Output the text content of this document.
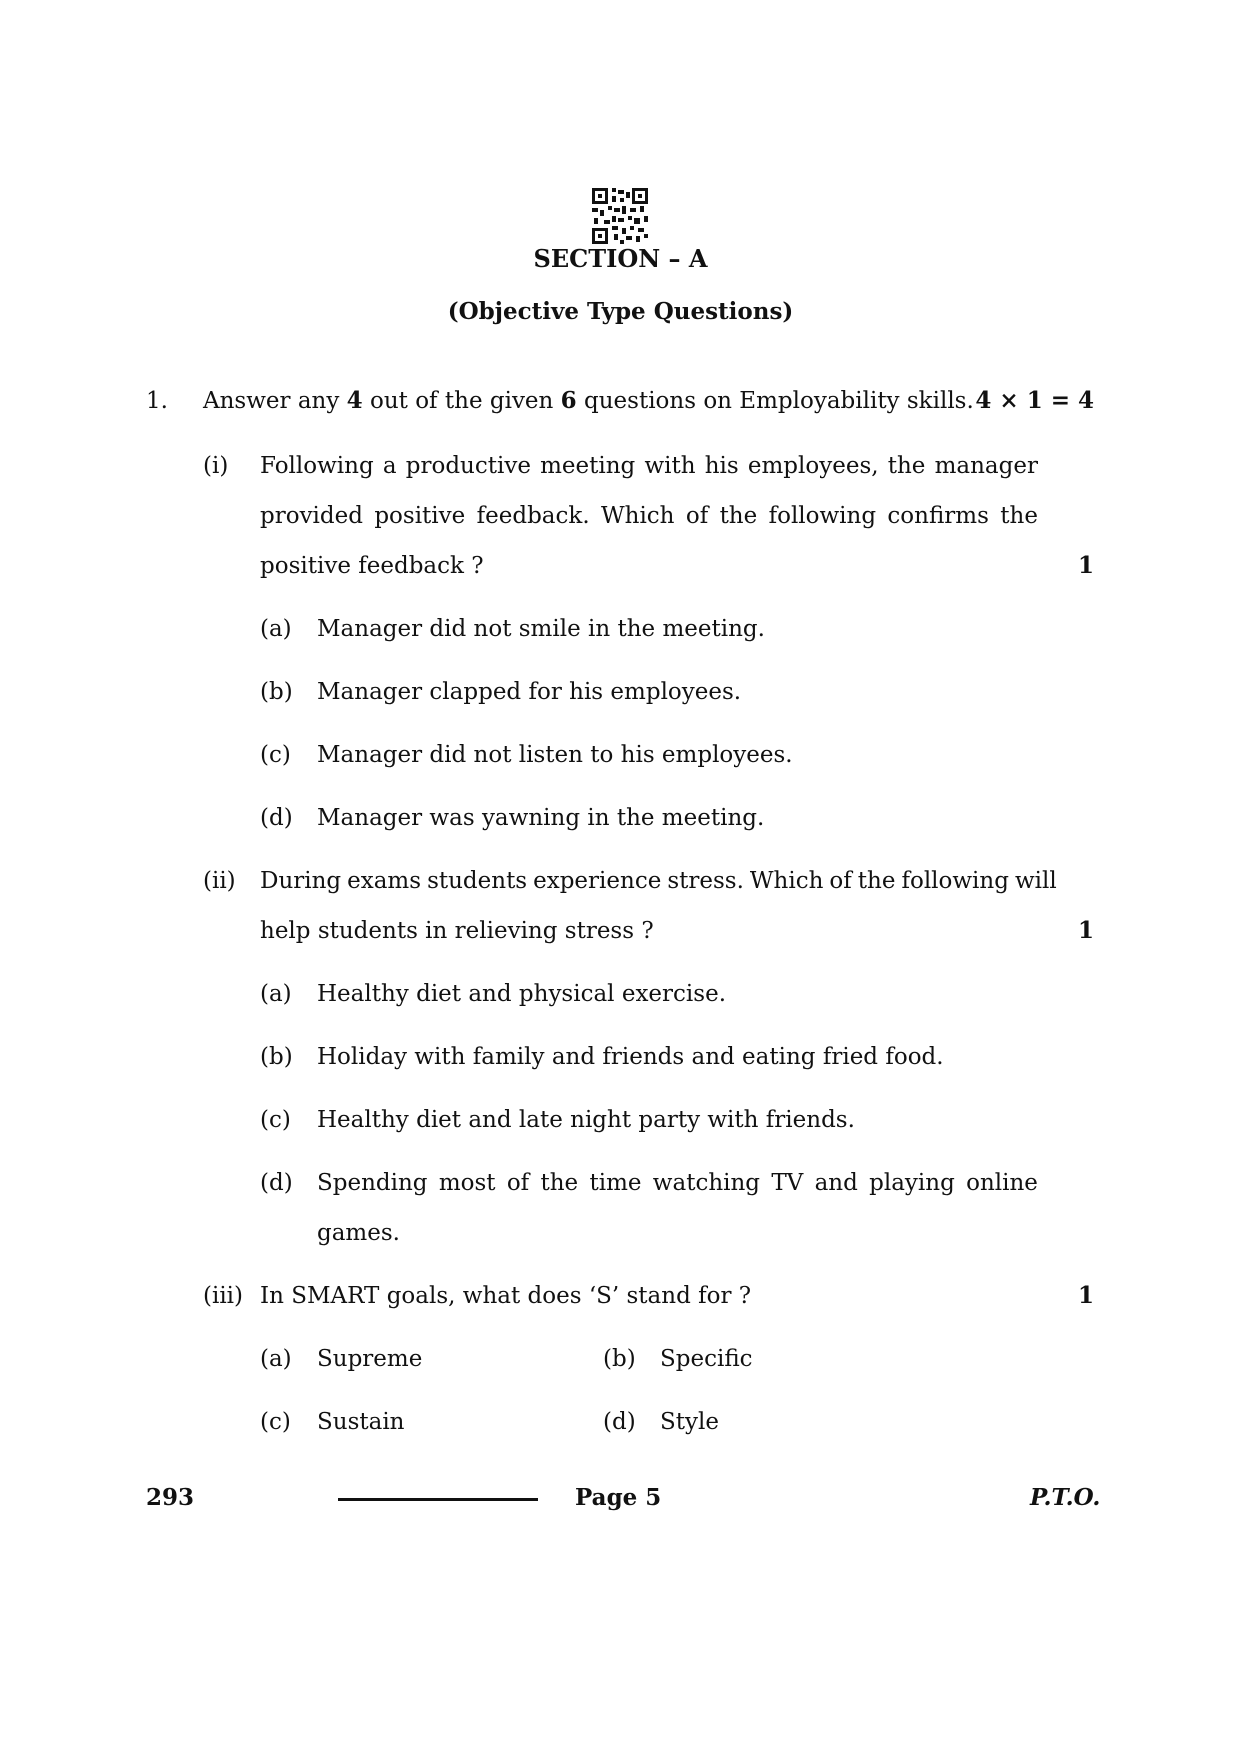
SECTION – A
(Objective Type Questions)
1. Answer any 4 out of the given 6 questions on Employability skills. 4 × 1 = 4
(i) Following a productive meeting with his employees, the manager
provided positive feedback. Which of the following confirms the
positive feedback ?	1
(a) Manager did not smile in the meeting.
(b) Manager clapped for his employees.
(c) Manager did not listen to his employees.
(d) Manager was yawning in the meeting.
(ii) During exams students experience stress. Which of the following will
help students in relieving stress ?	1
(a) Healthy diet and physical exercise.
(b) Holiday with family and friends and eating fried food.
(c) Healthy diet and late night party with friends.
(d) Spending most of the time watching TV and playing online
games.
(iii) In SMART goals, what does ‘S’ stand for ?	1
(a) Supreme	(b) Specific
(c) Sustain	(d) Style
293	Page 5	P.T.O.
